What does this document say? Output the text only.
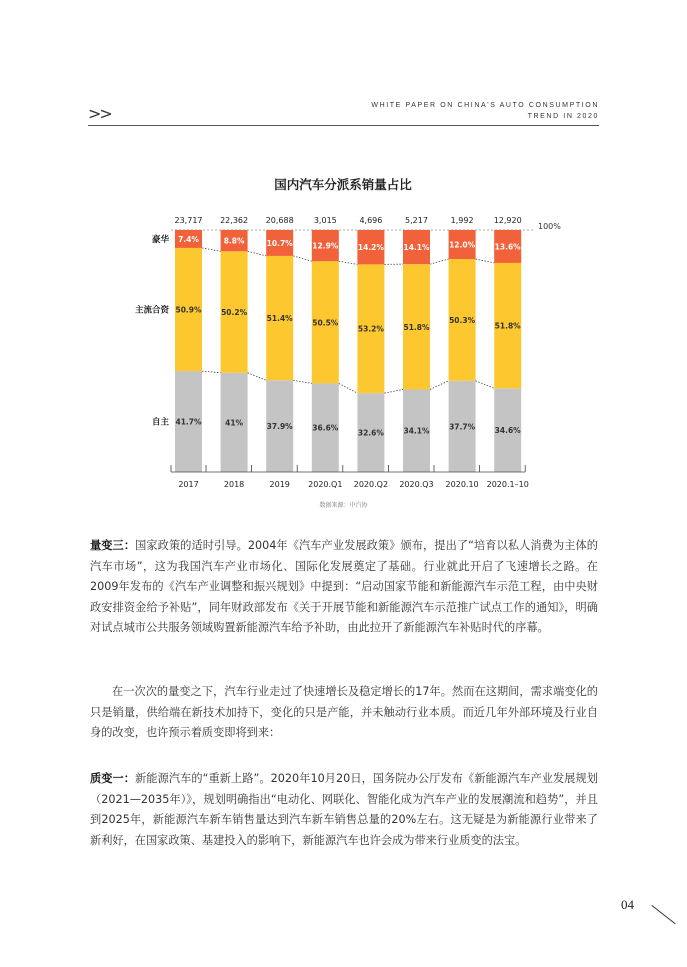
>>	WHITE PAPER ON CHINA'S AUTO CONSUMPTION
TREND IN 2020
国内汽车分派系销量占比
100%
41.7%
50.9%
7.4%
23,717
2017
41%
50.2%
8.8%
22,362
2018
37.9%
51.4%
10.7%
20,688
2019
36.6%
50.5%
12.9%
3,015
2020.Q1
32.6%
53.2%
14.2%
4,696
2020.Q2
34.1%
51.8%
14.1%
5,217
2020.Q3
37.7%
50.3%
12.0%
1,992
2020.10
34.6%
51.8%
13.6%
12,920
2020.1–10
自主
主流合资
豪华
数据来源：中汽协

量变三：国家政策的适时引导。2004年《汽车产业发展政策》颁布，提出了“培育以私人消费为主体的汽车市场”，这为我国汽车产业市场化、国际化发展奠定了基础。行业就此开启了飞速增长之路。在2009年发布的《汽车产业调整和振兴规划》中提到：“启动国家节能和新能源汽车示范工程，由中央财政安排资金给予补贴”，同年财政部发布《关于开展节能和新能源汽车示范推广试点工作的通知》，明确对试点城市公共服务领域购置新能源汽车给予补助，由此拉开了新能源汽车补贴时代的序幕。

在一次次的量变之下，汽车行业走过了快速增长及稳定增长的17年。然而在这期间，需求端变化的只是销量，供给端在新技术加持下，变化的只是产能，并未触动行业本质。而近几年外部环境及行业自身的改变，也许预示着质变即将到来：

质变一：新能源汽车的“重新上路”。2020年10月20日，国务院办公厅发布《新能源汽车产业发展规划（2021—2035年）》，规划明确指出“电动化、网联化、智能化成为汽车产业的发展潮流和趋势”，并且到2025年，新能源汽车新车销售量达到汽车新车销售总量的20%左右。这无疑是为新能源行业带来了新利好，在国家政策、基建投入的影响下，新能源汽车也许会成为带来行业质变的法宝。

04
